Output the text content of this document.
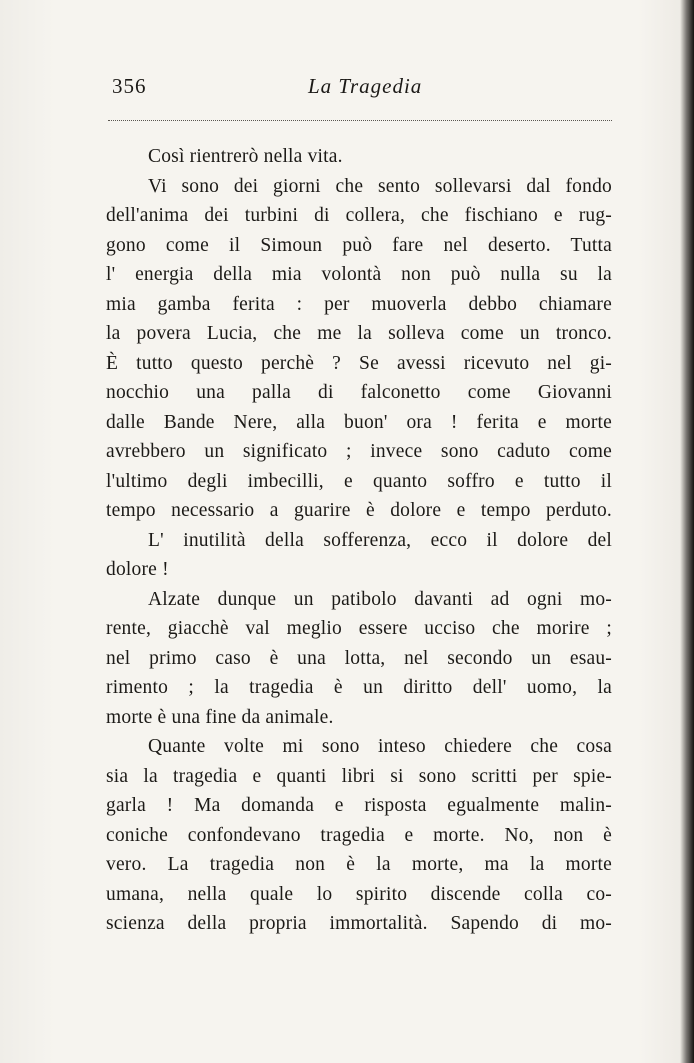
356	La Tragedia
Così rientrerò nella vita.
Vi sono dei giorni che sento sollevarsi dal fondo
dell'anima dei turbini di collera, che fischiano e rug-
gono come il Simoun può fare nel deserto. Tutta
l' energia della mia volontà non può nulla su la
mia gamba ferita : per muoverla debbo chiamare
la povera Lucia, che me la solleva come un tronco.
È tutto questo perchè ? Se avessi ricevuto nel gi-
nocchio una palla di falconetto come Giovanni
dalle Bande Nere, alla buon' ora ! ferita e morte
avrebbero un significato ; invece sono caduto come
l'ultimo degli imbecilli, e quanto soffro e tutto il
tempo necessario a guarire è dolore e tempo perduto.
L' inutilità della sofferenza, ecco il dolore del
dolore !
Alzate dunque un patibolo davanti ad ogni mo-
rente, giacchè val meglio essere ucciso che morire ;
nel primo caso è una lotta, nel secondo un esau-
rimento ; la tragedia è un diritto dell' uomo, la
morte è una fine da animale.
Quante volte mi sono inteso chiedere che cosa
sia la tragedia e quanti libri si sono scritti per spie-
garla ! Ma domanda e risposta egualmente malin-
coniche confondevano tragedia e morte. No, non è
vero. La tragedia non è la morte, ma la morte
umana, nella quale lo spirito discende colla co-
scienza della propria immortalità. Sapendo di mo-
